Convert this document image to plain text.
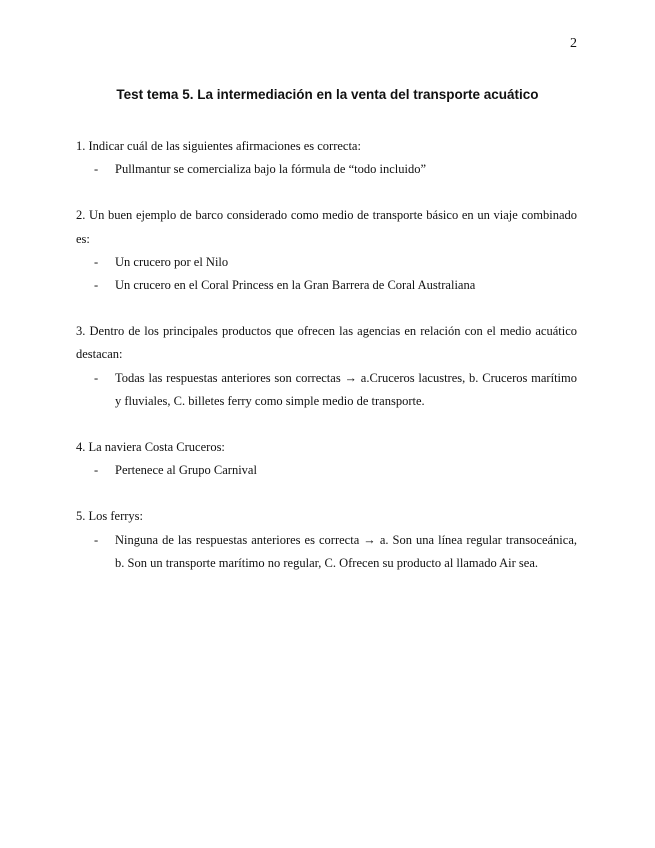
2
Test tema 5. La intermediación en la venta del transporte acuático
1. Indicar cuál de las siguientes afirmaciones es correcta:
- Pullmantur se comercializa bajo la fórmula de “todo incluido”
2. Un buen ejemplo de barco considerado como medio de transporte básico en un viaje combinado es:
- Un crucero por el Nilo
- Un crucero en el Coral Princess en la Gran Barrera de Coral Australiana
3. Dentro de los principales productos que ofrecen las agencias en relación con el medio acuático destacan:
- Todas las respuestas anteriores son correctas → a.Cruceros lacustres, b. Cruceros marítimo y fluviales, C. billetes ferry como simple medio de transporte.
4. La naviera Costa Cruceros:
- Pertenece al Grupo Carnival
5. Los ferrys:
- Ninguna de las respuestas anteriores es correcta → a. Son una línea regular transoceánica, b. Son un transporte marítimo no regular, C. Ofrecen su producto al llamado Air sea.
